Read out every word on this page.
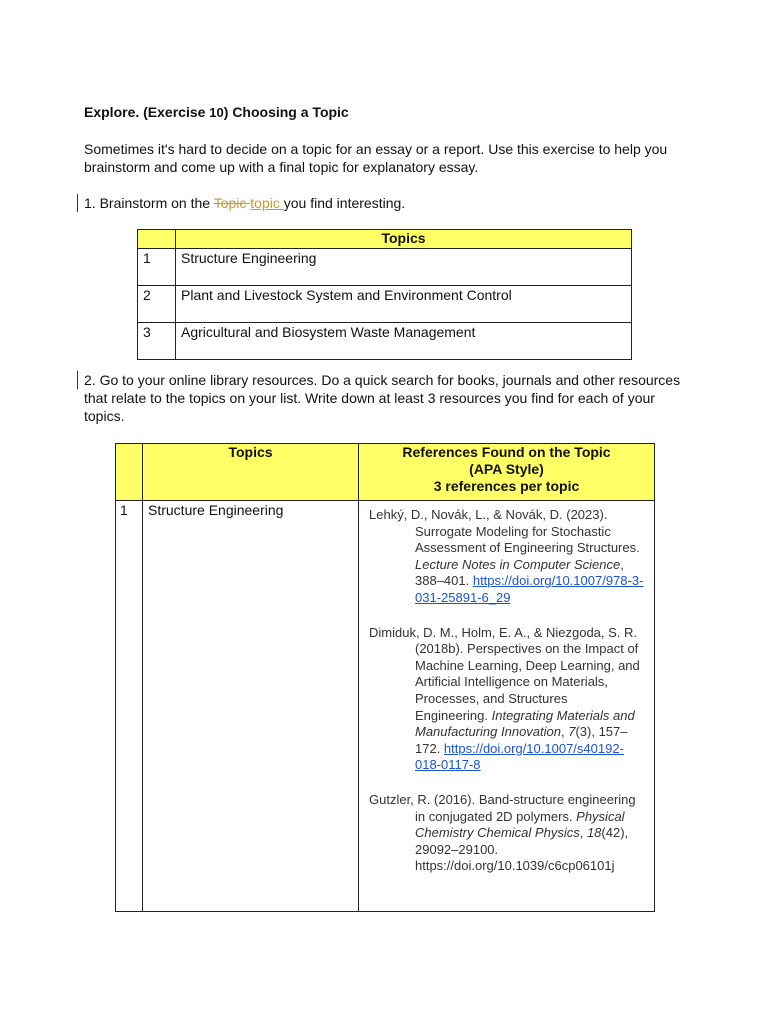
Explore. (Exercise 10) Choosing a Topic
Sometimes it's hard to decide on a topic for an essay or a report. Use this exercise to help you brainstorm and come up with a final topic for explanatory essay.
1. Brainstorm on the Topic topic you find interesting.
	Topics
1	Structure Engineering
2	Plant and Livestock System and Environment Control
3	Agricultural and Biosystem Waste Management
2. Go to your online library resources. Do a quick search for books, journals and other resources that relate to the topics on your list. Write down at least 3 resources you find for each of your topics.
	Topics	References Found on the Topic
(APA Style)
3 references per topic

1	Structure Engineering	Lehký, D., Novák, L., & Novák, D. (2023). Surrogate Modeling for Stochastic Assessment of Engineering Structures. Lecture Notes in Computer Science, 388–401. https://doi.org/10.1007/978-3-031-25891-6_29
Dimiduk, D. M., Holm, E. A., & Niezgoda, S. R. (2018b). Perspectives on the Impact of Machine Learning, Deep Learning, and Artificial Intelligence on Materials, Processes, and Structures Engineering. Integrating Materials and Manufacturing Innovation, 7(3), 157–172. https://doi.org/10.1007/s40192-018-0117-8
Gutzler, R. (2016). Band-structure engineering in conjugated 2D polymers. Physical Chemistry Chemical Physics, 18(42), 29092–29100. https://doi.org/10.1039/c6cp06101j
